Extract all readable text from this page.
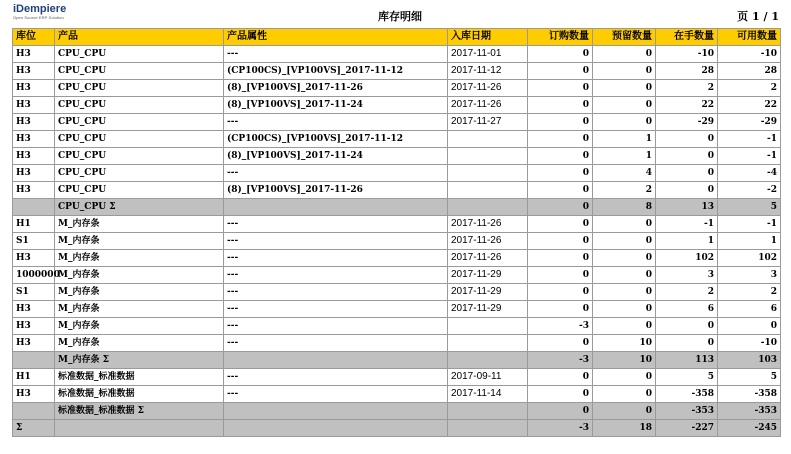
iDempiere
Open Source ERP Solution	库存明细	页 1 / 1
库位	产品	产品属性	入库日期	订购数量	预留数量	在手数量	可用数量
H3	CPU_CPU	---	2017-11-01	0	0	-10	-10
H3	CPU_CPU	(CP100CS)_[VP100VS]_2017-11-12	2017-11-12	0	0	28	28
H3	CPU_CPU	(8)_[VP100VS]_2017-11-26	2017-11-26	0	0	2	2
H3	CPU_CPU	(8)_[VP100VS]_2017-11-24	2017-11-26	0	0	22	22
H3	CPU_CPU	---	2017-11-27	0	0	-29	-29
H3	CPU_CPU	(CP100CS)_[VP100VS]_2017-11-12		0	1	0	-1
H3	CPU_CPU	(8)_[VP100VS]_2017-11-24		0	1	0	-1
H3	CPU_CPU	---		0	4	0	-4
H3	CPU_CPU	(8)_[VP100VS]_2017-11-26		0	2	0	-2
	CPU_CPU Σ			0	8	13	5
H1	M_内存条	---	2017-11-26	0	0	-1	-1
S1	M_内存条	---	2017-11-26	0	0	1	1
H3	M_内存条	---	2017-11-26	0	0	102	102
1000000	M_内存条	---	2017-11-29	0	0	3	3
S1	M_内存条	---	2017-11-29	0	0	2	2
H3	M_内存条	---	2017-11-29	0	0	6	6
H3	M_内存条	---		-3	0	0	0
H3	M_内存条	---		0	10	0	-10
	M_内存条 Σ			-3	10	113	103
H1	标准数据_标准数据	---	2017-09-11	0	0	5	5
H3	标准数据_标准数据	---	2017-11-14	0	0	-358	-358
	标准数据_标准数据 Σ			0	0	-353	-353
Σ				-3	18	-227	-245
